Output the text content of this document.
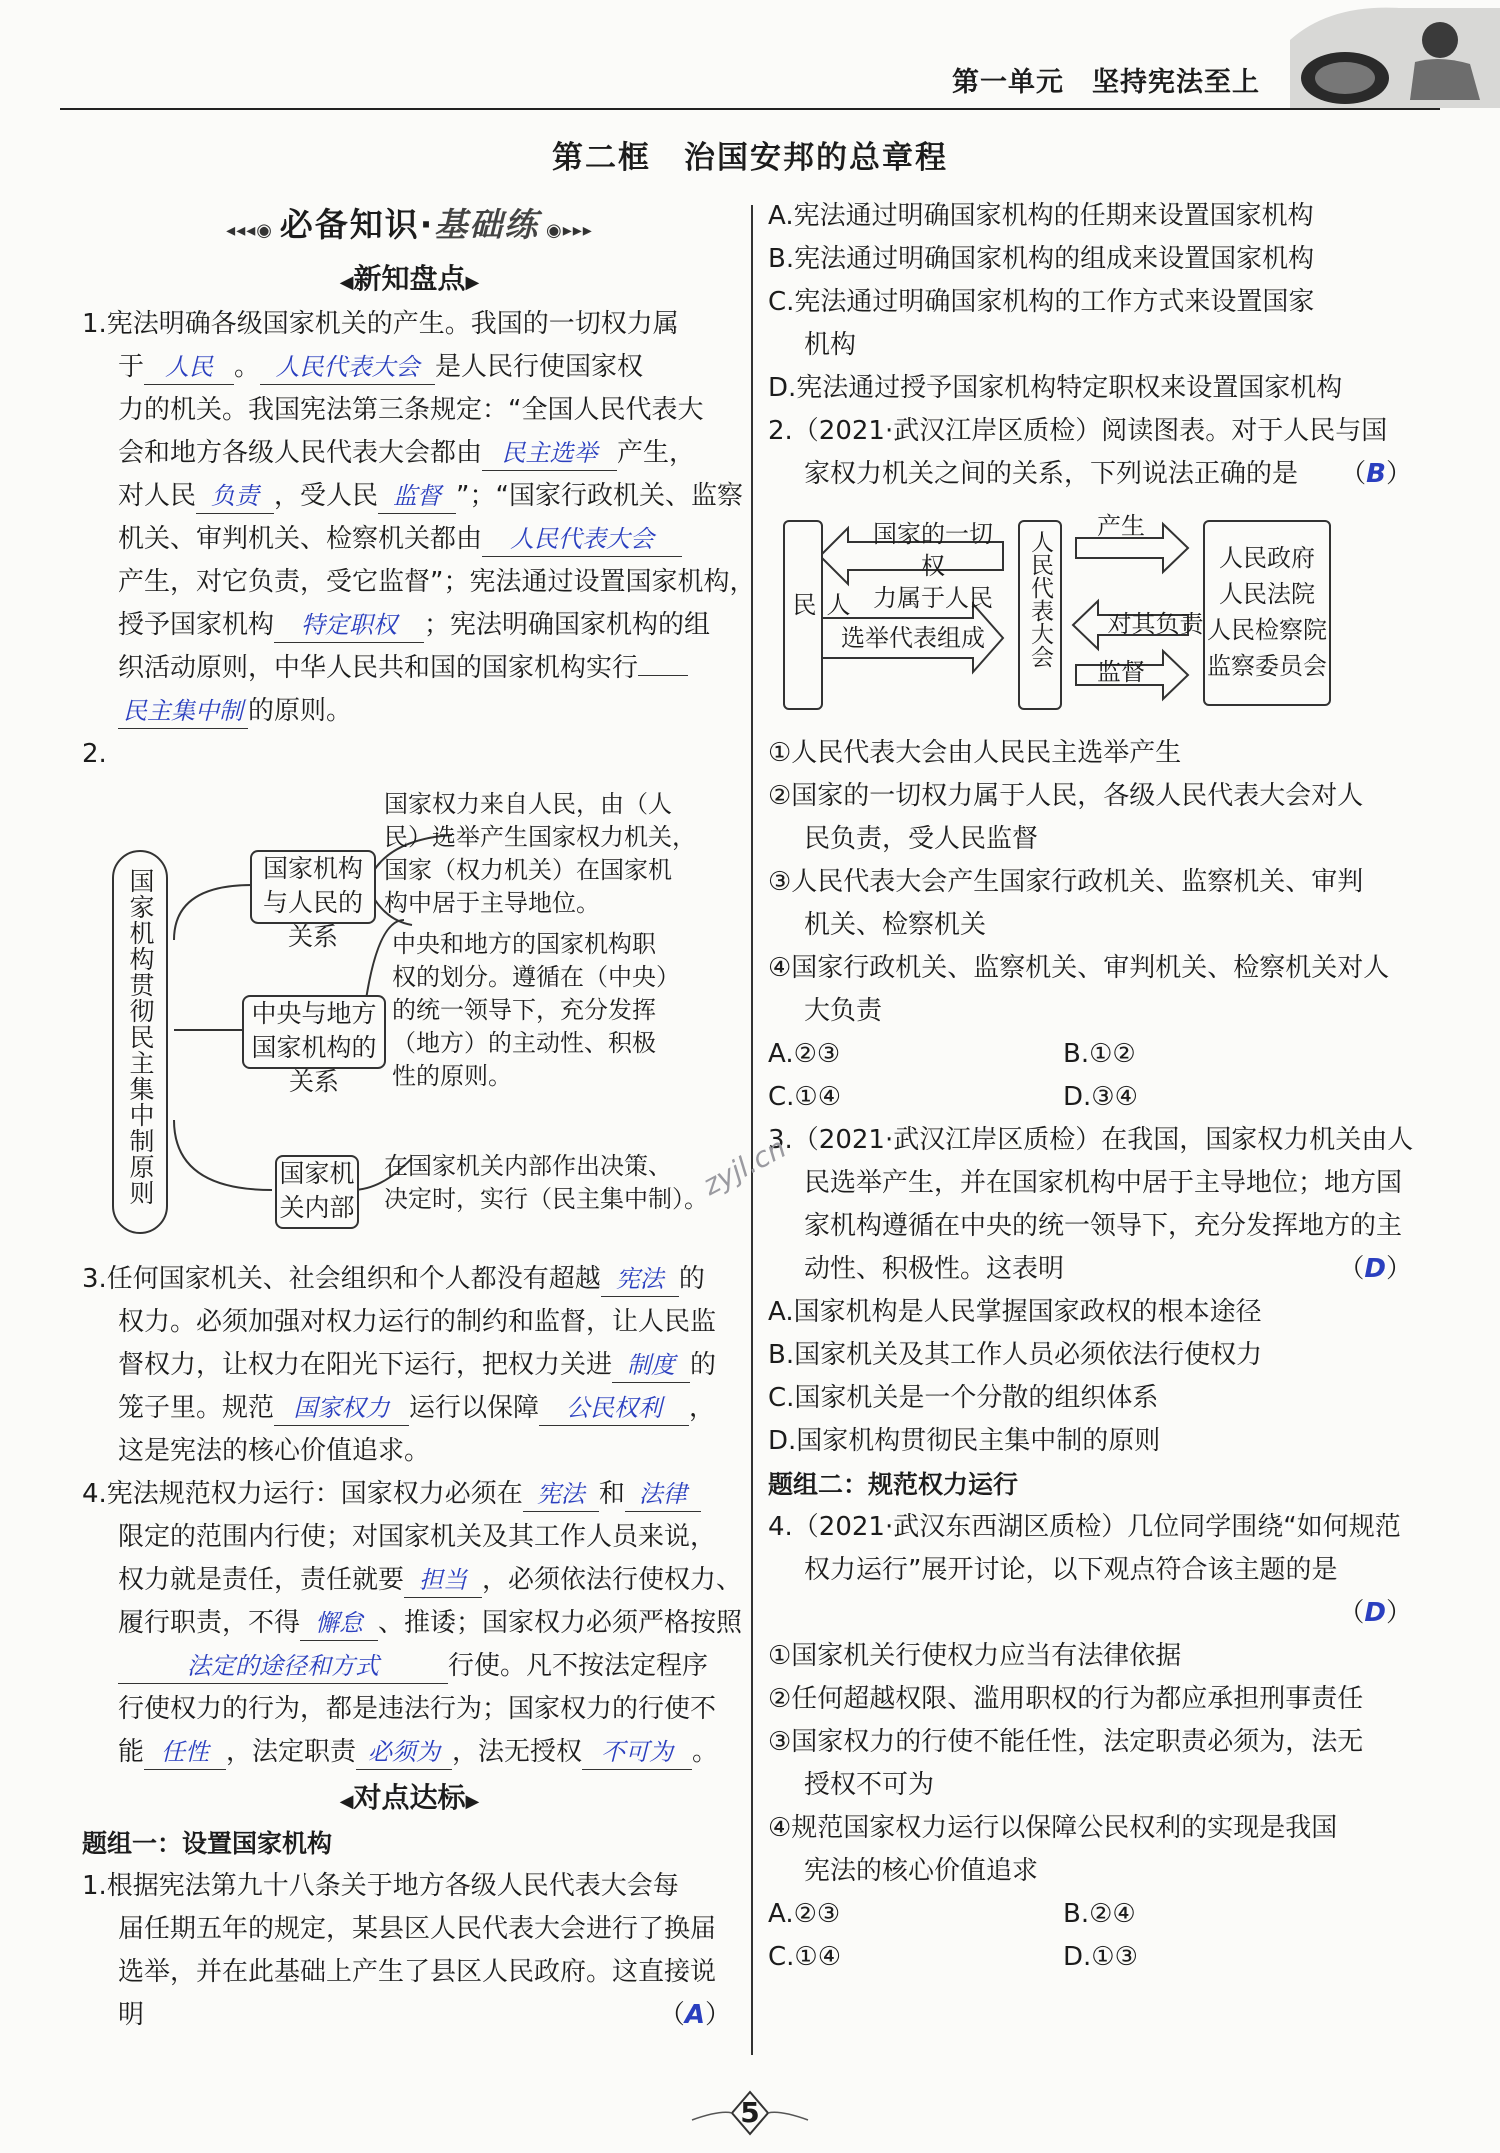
第一单元　坚持宪法至上
第二框　治国安邦的总章程
◂◂◂◉ 必备知识·基础练 ◉▸▸▸
◀新知盘点▶
1.宪法明确各级国家机关的产生。我国的一切权力属
于 人民 。 人民代表大会 是人民行使国家权
力的机关。我国宪法第三条规定：“全国人民代表大
会和地方各级人民代表大会都由 民主选举 产生，
对人民 负责 ，受人民 监督 ”；“国家行政机关、监察
机关、审判机关、检察机关都由 人民代表大会
产生，对它负责，受它监督”；宪法通过设置国家机构，
授予国家机构 特定职权 ；宪法明确国家机构的组
织活动原则，中华人民共和国的国家机构实行
民主集中制 的原则。
2.
国家机构贯彻民主集中制原则	国家机构与人民的关系
中央与地方国家机构的关系
国家机关内部
国家权力来自人民，由（人
民）选举产生国家权力机关，
国家（权力机关）在国家机
构中居于主导地位。
中央和地方的国家机构职
权的划分。遵循在（中央）
的统一领导下，充分发挥
（地方）的主动性、积极
性的原则。
在国家机关内部作出决策、
决定时，实行（民主集中制）。
3.任何国家机关、社会组织和个人都没有超越 宪法 的
权力。必须加强对权力运行的制约和监督，让人民监
督权力，让权力在阳光下运行，把权力关进 制度 的
笼子里。规范 国家权力 运行以保障 公民权利 ，
这是宪法的核心价值追求。
4.宪法规范权力运行：国家权力必须在 宪法 和 法律
限定的范围内行使；对国家机关及其工作人员来说，
权力就是责任，责任就要 担当 ，必须依法行使权力、
履行职责，不得 懈怠 、推诿；国家权力必须严格按照
法定的途径和方式	行使。凡不按法定程序
行使权力的行为，都是违法行为；国家权力的行使不
能 任性 ，法定职责 必须为 ，法无授权 不可为 。
◀对点达标▶
题组一：设置国家机构
1.根据宪法第九十八条关于地方各级人民代表大会每
届任期五年的规定，某县区人民代表大会进行了换届
选举，并在此基础上产生了县区人民政府。这直接说
明	（A）
A.宪法通过明确国家机构的任期来设置国家机构
B.宪法通过明确国家机构的组成来设置国家机构
C.宪法通过明确国家机构的工作方式来设置国家
机构
D.宪法通过授予国家机构特定职权来设置国家机构
2.（2021·武汉江岸区质检）阅读图表。对于人民与国
家权力机关之间的关系，下列说法正确的是 （B）
人民	人民代表大会
国家的一切权
力属于人民
选举代表组成
产生
对其负责
监督
人民政府
人民法院
人民检察院
监察委员会
①人民代表大会由人民民主选举产生
②国家的一切权力属于人民，各级人民代表大会对人
民负责，受人民监督
③人民代表大会产生国家行政机关、监察机关、审判
机关、检察机关
④国家行政机关、监察机关、审判机关、检察机关对人
大负责
A.②③	B.①②
C.①④	D.③④
3.（2021·武汉江岸区质检）在我国，国家权力机关由人
民选举产生，并在国家机构中居于主导地位；地方国
家机构遵循在中央的统一领导下，充分发挥地方的主
动性、积极性。这表明	（D）
A.国家机构是人民掌握国家政权的根本途径
B.国家机关及其工作人员必须依法行使权力
C.国家机关是一个分散的组织体系
D.国家机构贯彻民主集中制的原则
题组二：规范权力运行
4.（2021·武汉东西湖区质检）几位同学围绕“如何规范
权力运行”展开讨论，以下观点符合该主题的是
（D）
①国家机关行使权力应当有法律依据
②任何超越权限、滥用职权的行为都应承担刑事责任
③国家权力的行使不能任性，法定职责必须为，法无
授权不可为
④规范国家权力运行以保障公民权利的实现是我国
宪法的核心价值追求
A.②③	B.②④
C.①④	D.①③
zyjl.cn
5
